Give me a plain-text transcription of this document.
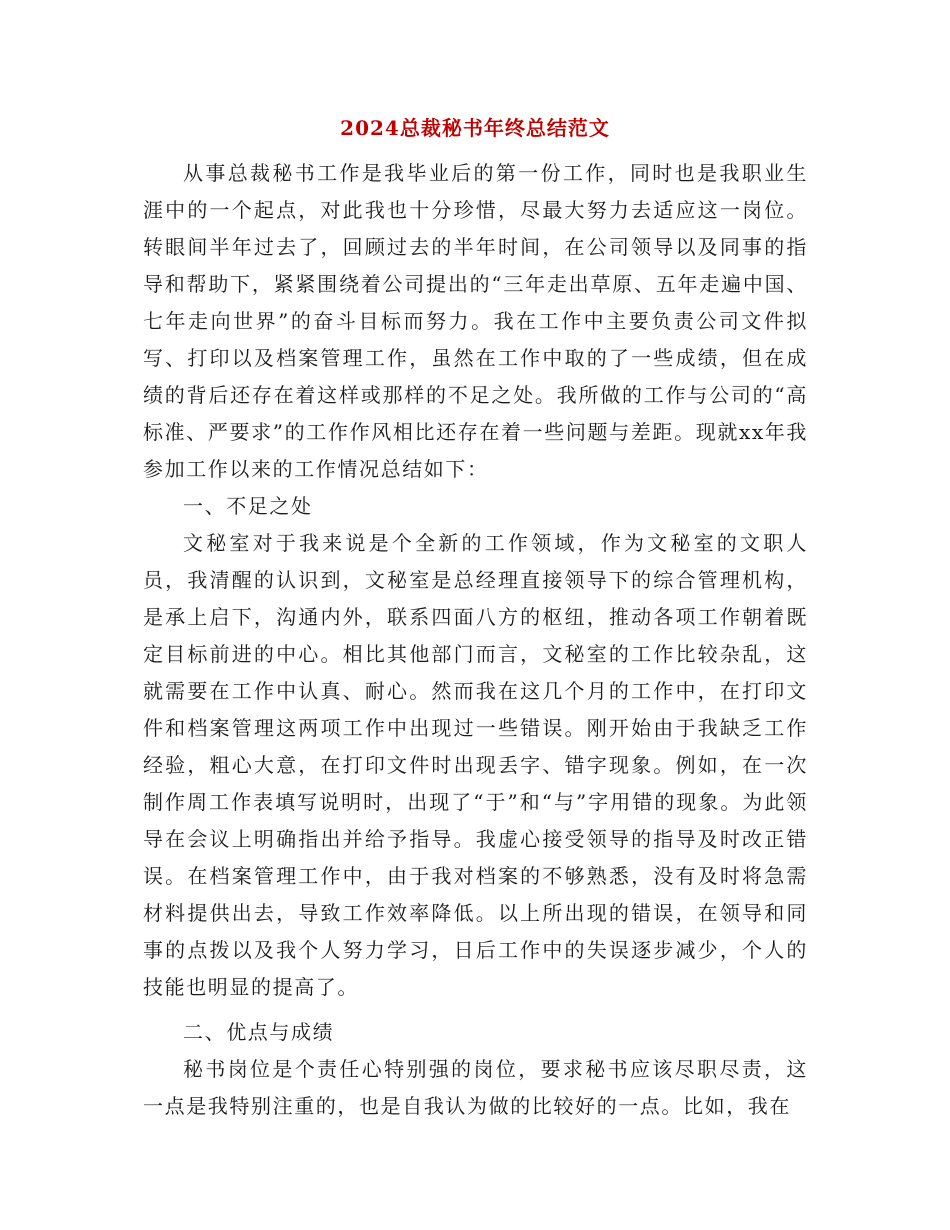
2024总裁秘书年终总结范文

从事总裁秘书工作是我毕业后的第一份工作，同时也是我职业生涯中的一个起点，对此我也十分珍惜，尽最大努力去适应这一岗位。转眼间半年过去了，回顾过去的半年时间，在公司领导以及同事的指导和帮助下，紧紧围绕着公司提出的“三年走出草原、五年走遍中国、七年走向世界”的奋斗目标而努力。我在工作中主要负责公司文件拟写、打印以及档案管理工作，虽然在工作中取的了一些成绩，但在成绩的背后还存在着这样或那样的不足之处。我所做的工作与公司的“高标准、严要求”的工作作风相比还存在着一些问题与差距。现就xx年我参加工作以来的工作情况总结如下：

一、不足之处

文秘室对于我来说是个全新的工作领域，作为文秘室的文职人员，我清醒的认识到，文秘室是总经理直接领导下的综合管理机构，是承上启下，沟通内外，联系四面八方的枢纽，推动各项工作朝着既定目标前进的中心。相比其他部门而言，文秘室的工作比较杂乱，这就需要在工作中认真、耐心。然而我在这几个月的工作中，在打印文件和档案管理这两项工作中出现过一些错误。刚开始由于我缺乏工作经验，粗心大意，在打印文件时出现丢字、错字现象。例如，在一次制作周工作表填写说明时，出现了“于”和“与”字用错的现象。为此领导在会议上明确指出并给予指导。我虚心接受领导的指导及时改正错误。在档案管理工作中，由于我对档案的不够熟悉，没有及时将急需材料提供出去，导致工作效率降低。以上所出现的错误，在领导和同事的点拨以及我个人努力学习，日后工作中的失误逐步减少，个人的技能也明显的提高了。

二、优点与成绩

秘书岗位是个责任心特别强的岗位，要求秘书应该尽职尽责，这一点是我特别注重的，也是自我认为做的比较好的一点。比如，我在
